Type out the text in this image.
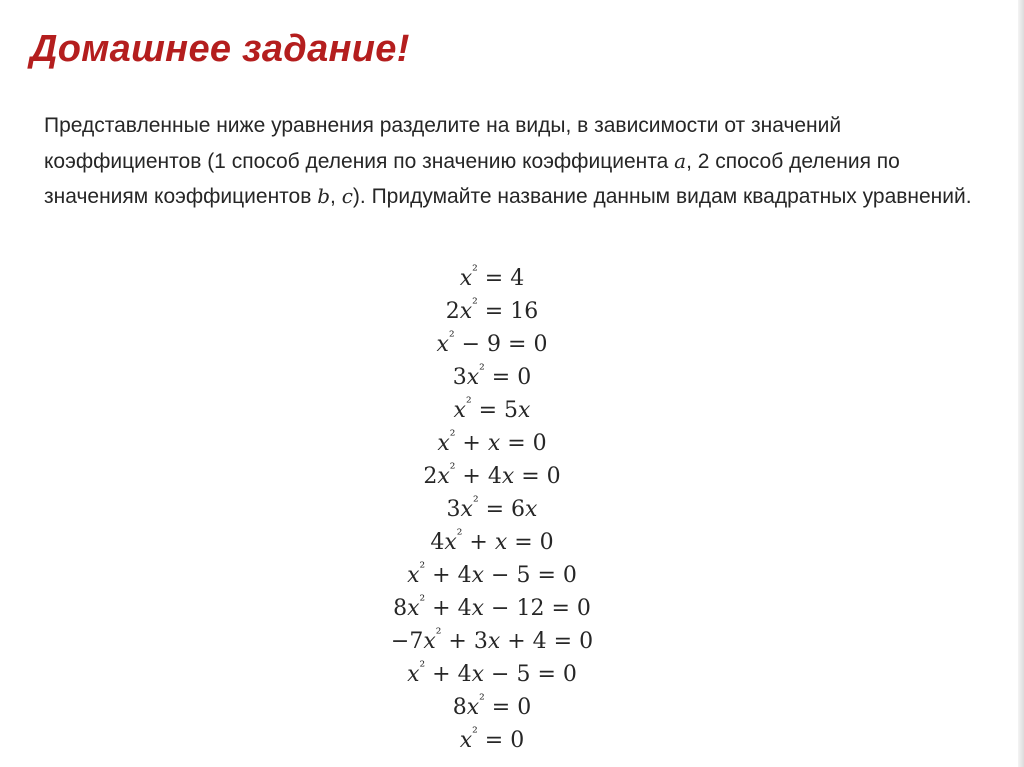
Домашнее задание!

Представленные ниже уравнения разделите на виды, в зависимости от значений коэффициентов (1 способ деления по значению коэффициента a, 2 способ деления по значениям коэффициентов b, c). Придумайте название данным видам квадратных уравнений.

$x^{^2} = 4$
$2x^{^2} = 16$
$x^{^2} - 9 = 0$
$3x^{^2} = 0$
$x^{^2} = 5x$
$x^{^2} + x = 0$
$2x^{^2} + 4x = 0$
$3x^{^2} = 6x$
$4x^{^2} + x = 0$
$x^{^2} + 4x - 5 = 0$
$8x^{^2} + 4x - 12 = 0$
$-7x^{^2} + 3x + 4 = 0$
$x^{^2} + 4x - 5 = 0$
$8x^{^2} = 0$
$x^{^2} = 0$
